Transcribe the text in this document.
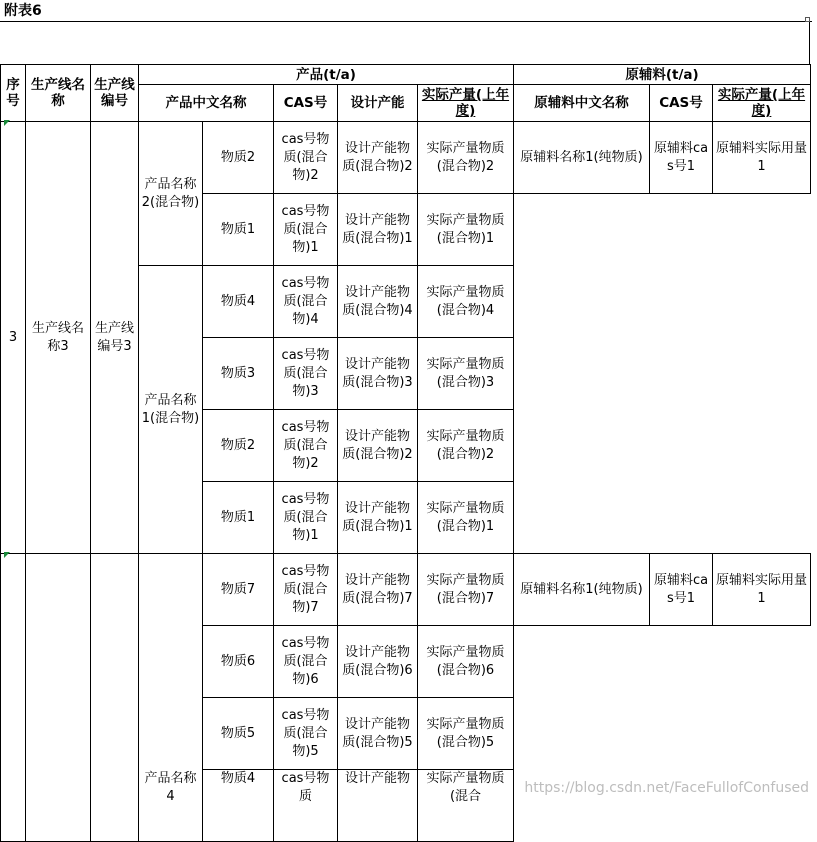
附表6
序号	生产线名称	生产线编号	产品(t/a)					原辅料(t/a)		
			产品中文名称		CAS号	设计产能	实际产量(上年度)	原辅料中文名称	CAS号	实际产量(上年度)
3	生产线名称3	生产线编号3	产品名称2(混合物)	物质2	cas号物质(混合物)2	设计产能物质(混合物)2	实际产量物质(混合物)2	原辅料名称1(纯物质)	原辅料cas号1	原辅料实际用量1
				物质1	cas号物质(混合物)1	设计产能物质(混合物)1	实际产量物质(混合物)1			
			产品名称1(混合物)	物质4	cas号物质(混合物)4	设计产能物质(混合物)4	实际产量物质(混合物)4			
				物质3	cas号物质(混合物)3	设计产能物质(混合物)3	实际产量物质(混合物)3			
				物质2	cas号物质(混合物)2	设计产能物质(混合物)2	实际产量物质(混合物)2			
				物质1	cas号物质(混合物)1	设计产能物质(混合物)1	实际产量物质(混合物)1			
				物质7	cas号物质(混合物)7	设计产能物质(混合物)7	实际产量物质(混合物)7	原辅料名称1(纯物质)	原辅料cas号1	原辅料实际用量1
				物质6	cas号物质(混合物)6	设计产能物质(混合物)6	实际产量物质(混合物)6			
				物质5	cas号物质(混合物)5	设计产能物质(混合物)5	实际产量物质(混合物)5			
			产品名称4	物质4	cas号物质	设计产能物	实际产量物质(混合			
https://blog.csdn.net/FaceFullofConfused
